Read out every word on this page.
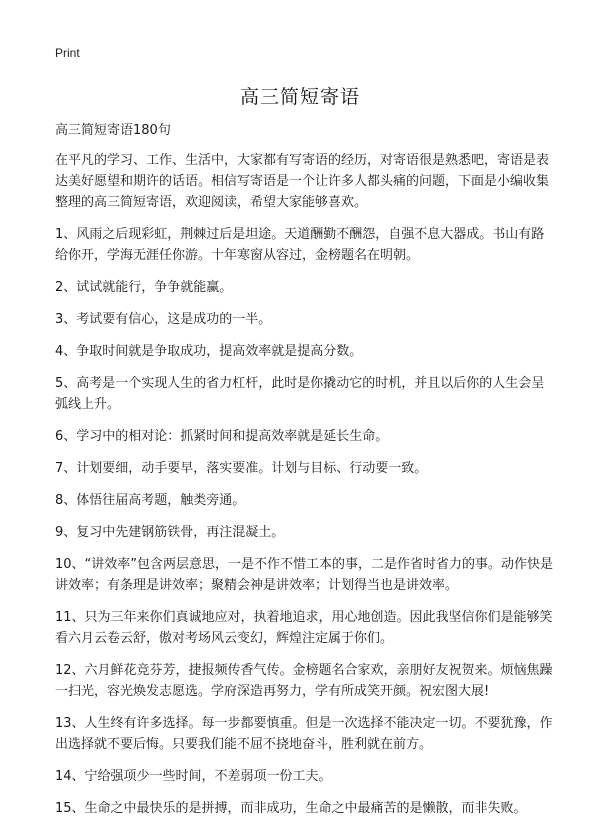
Print
高三简短寄语

高三简短寄语180句

在平凡的学习、工作、生活中，大家都有写寄语的经历，对寄语很是熟悉吧，寄语是表达美好愿望和期许的话语。相信写寄语是一个让许多人都头痛的问题，下面是小编收集整理的高三简短寄语，欢迎阅读，希望大家能够喜欢。

1、风雨之后现彩虹，荆棘过后是坦途。天道酬勤不酬怨，自强不息大器成。书山有路给你开，学海无涯任你游。十年寒窗从容过，金榜题名在明朝。

2、试试就能行，争争就能赢。

3、考试要有信心，这是成功的一半。

4、争取时间就是争取成功，提高效率就是提高分数。

5、高考是一个实现人生的省力杠杆，此时是你撬动它的时机，并且以后你的人生会呈弧线上升。

6、学习中的相对论：抓紧时间和提高效率就是延长生命。

7、计划要细，动手要早，落实要准。计划与目标、行动要一致。

8、体悟往届高考题，触类旁通。

9、复习中先建钢筋铁骨，再注混凝土。

10、“讲效率”包含两层意思，一是不作不惜工本的事，二是作省时省力的事。动作快是讲效率；有条理是讲效率；聚精会神是讲效率；计划得当也是讲效率。

11、只为三年来你们真诚地应对，执着地追求，用心地创造。因此我坚信你们是能够笑看六月云卷云舒，傲对考场风云变幻，辉煌注定属于你们。

12、六月鲜花竞芬芳，捷报频传香气传。金榜题名合家欢，亲朋好友祝贺来。烦恼焦躁一扫光，容光焕发志愿选。学府深造再努力，学有所成笑开颜。祝宏图大展!

13、人生终有许多选择。每一步都要慎重。但是一次选择不能决定一切。不要犹豫，作出选择就不要后悔。只要我们能不屈不挠地奋斗，胜利就在前方。

14、宁给强项少一些时间，不差弱项一份工夫。

15、生命之中最快乐的是拼搏，而非成功，生命之中最痛苦的是懒散，而非失败。
